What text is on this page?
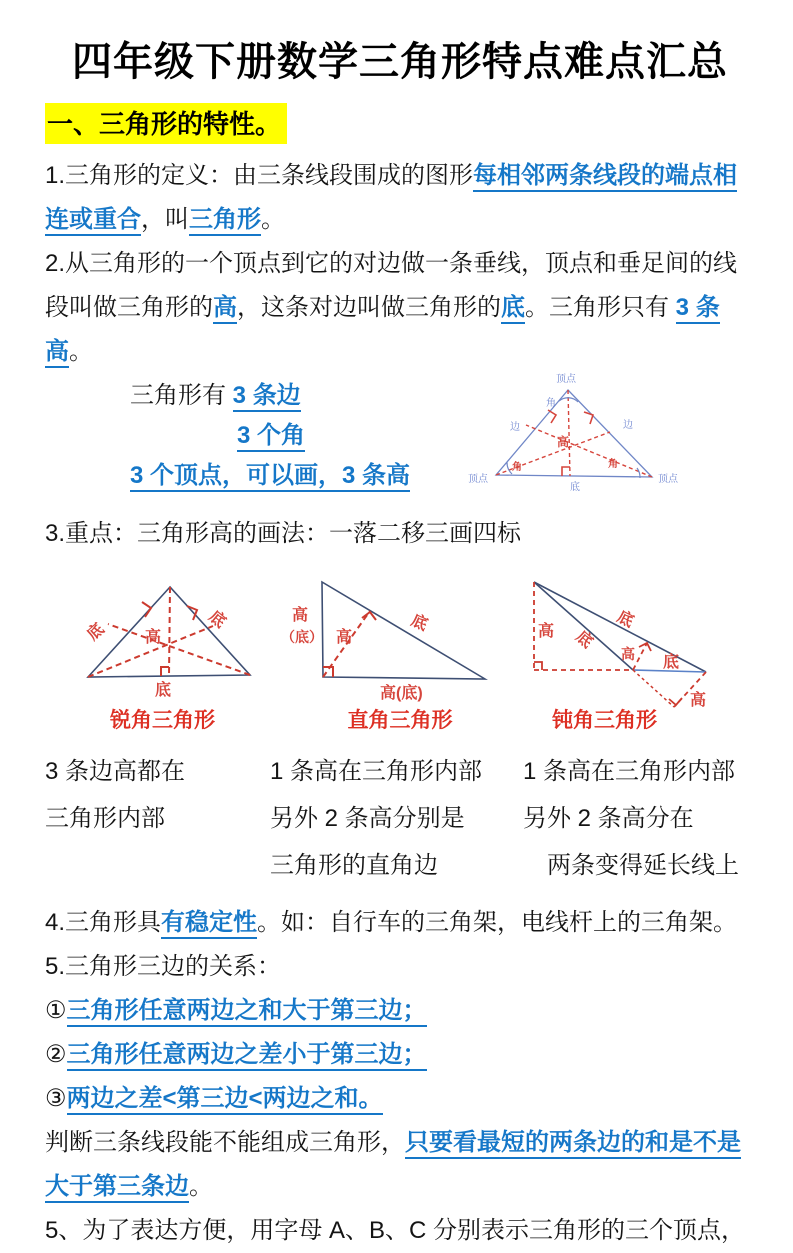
四年级下册数学三角形特点难点汇总
一、三角形的特性。

1.三角形的定义：由三条线段围成的图形每相邻两条线段的端点相连或重合，叫三角形。

2.从三角形的一个顶点到它的对边做一条垂线，顶点和垂足间的线段叫做三角形的高，这条对边叫做三角形的底。三角形只有 3 条高。

三角形有 3 条边
3 个角
3 个顶点，可以画，3 条高
顶点
顶点	顶点
边	边
底
角
角	角
高

3.重点：三角形高的画法：一落二移三画四标

底
底
高
底
锐角三角形
高
（底） 高
底
高(底)
直角三角形
高
底
底
高 底
高
钝角三角形
3 条边高都在
三角形内部
1 条高在三角形内部
另外 2 条高分别是
三角形的直角边
1 条高在三角形内部
另外 2 条高分在
　两条变得延长线上

4.三角形具有稳定性。如：自行车的三角架，电线杆上的三角架。

5.三角形三边的关系：

①三角形任意两边之和大于第三边；

②三角形任意两边之差小于第三边；

③两边之差<第三边<两边之和。

判断三条线段能不能组成三角形，只要看最短的两条边的和是不是大于第三条边。

5、为了表达方便，用字母 A、B、C 分别表示三角形的三个顶点，
